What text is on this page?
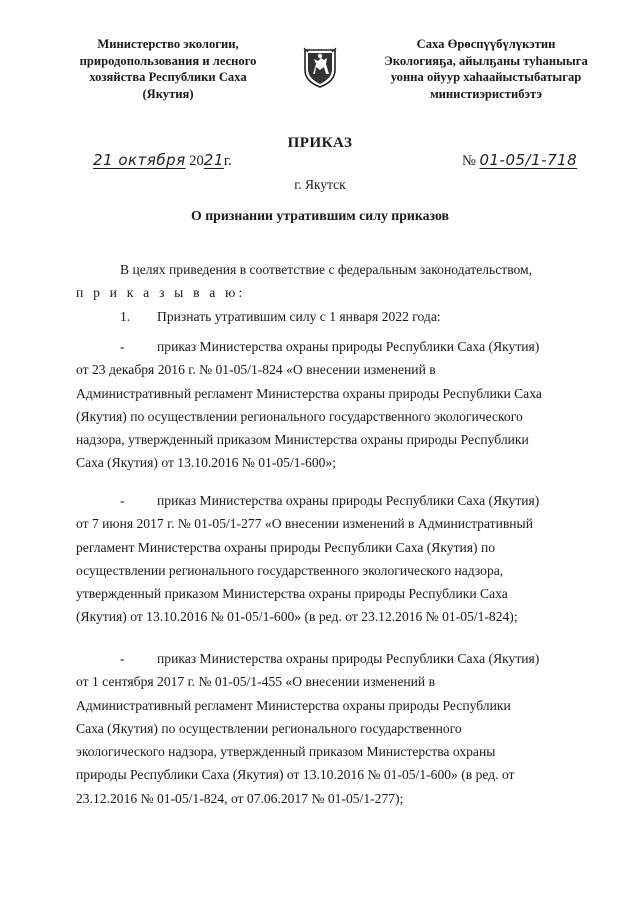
Министерство экологии,
природопользования и лесного
хозяйства Республики Саха
(Якутия)
Саха Өрөспүүбүлүкэтин
Экологияҕа, айылҕаны туһаныыга
уонна ойуур хаһаайыстыбатыгар
министиэристибэтэ
ПРИКАЗ
21 октября 2021г.	№ 01-05/1-718
г. Якутск
О признании утратившим силу приказов

В целях приведения в соответствие с федеральным законодательством,

п р и к а з ы в а ю:

1. Признать утратившим силу с 1 января 2022 года:

- приказ Министерства охраны природы Республики Саха (Якутия)

от 23 декабря 2016 г. № 01-05/1-824 «О внесении изменений в

Административный регламент Министерства охраны природы Республики Саха

(Якутия) по осуществлении регионального государственного экологического

надзора, утвержденный приказом Министерства охраны природы Республики

Саха (Якутия) от 13.10.2016 № 01-05/1-600»;

- приказ Министерства охраны природы Республики Саха (Якутия)

от 7 июня 2017 г. № 01-05/1-277 «О внесении изменений в Административный

регламент Министерства охраны природы Республики Саха (Якутия) по

осуществлении регионального государственного экологического надзора,

утвержденный приказом Министерства охраны природы Республики Саха

(Якутия) от 13.10.2016 № 01-05/1-600» (в ред. от 23.12.2016 № 01-05/1-824);

- приказ Министерства охраны природы Республики Саха (Якутия)

от 1 сентября 2017 г. № 01-05/1-455 «О внесении изменений в

Административный регламент Министерства охраны природы Республики

Саха (Якутия) по осуществлении регионального государственного

экологического надзора, утвержденный приказом Министерства охраны

природы Республики Саха (Якутия) от 13.10.2016 № 01-05/1-600» (в ред. от

23.12.2016 № 01-05/1-824, от 07.06.2017 № 01-05/1-277);
